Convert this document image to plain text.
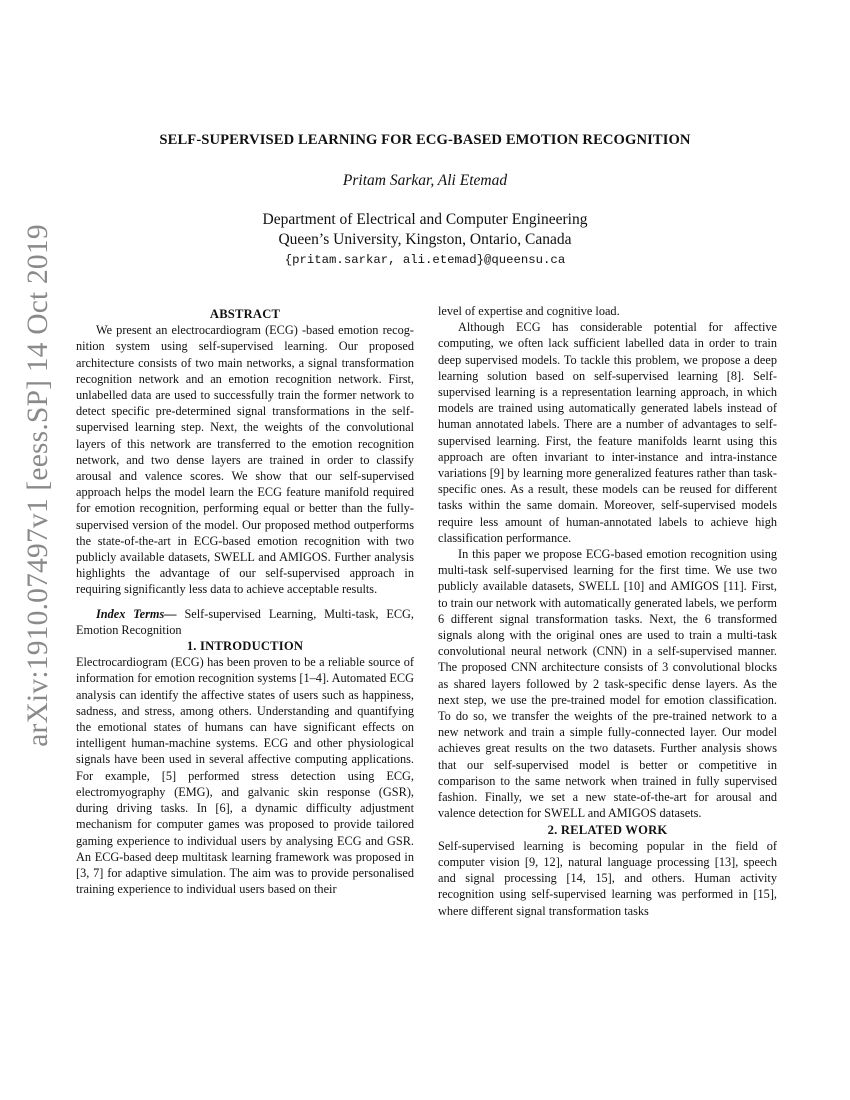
arXiv:1910.07497v1 [eess.SP] 14 Oct 2019
SELF-SUPERVISED LEARNING FOR ECG-BASED EMOTION RECOGNITION
Pritam Sarkar, Ali Etemad
Department of Electrical and Computer Engineering
Queen’s University, Kingston, Ontario, Canada
{pritam.sarkar, ali.etemad}@queensu.ca

ABSTRACT

We present an electrocardiogram (ECG) -based emotion recognition system using self-supervised learning. Our proposed architecture consists of two main networks, a signal transformation recognition network and an emotion recognition network. First, unlabelled data are used to successfully train the former network to detect specific pre-determined signal transformations in the self-supervised learning step. Next, the weights of the convolutional layers of this network are transferred to the emotion recognition network, and two dense layers are trained in order to classify arousal and valence scores. We show that our self-supervised approach helps the model learn the ECG feature manifold required for emotion recognition, performing equal or better than the fully-supervised version of the model. Our proposed method outperforms the state-of-the-art in ECG-based emotion recognition with two publicly available datasets, SWELL and AMIGOS. Further analysis highlights the advantage of our self-supervised approach in requiring significantly less data to achieve acceptable results.

Index Terms— Self-supervised Learning, Multi-task, ECG, Emotion Recognition

1. INTRODUCTION

Electrocardiogram (ECG) has been proven to be a reliable source of information for emotion recognition systems [1–4]. Automated ECG analysis can identify the affective states of users such as happiness, sadness, and stress, among others. Understanding and quantifying the emotional states of humans can have significant effects on intelligent human-machine systems. ECG and other physiological signals have been used in several affective computing applications. For example, [5] performed stress detection using ECG, electromyography (EMG), and galvanic skin response (GSR), during driving tasks. In [6], a dynamic difficulty adjustment mechanism for computer games was proposed to provide tailored gaming experience to individual users by analysing ECG and GSR. An ECG-based deep multitask learning framework was proposed in [3, 7] for adaptive simulation. The aim was to provide personalised training experience to individual users based on their

level of expertise and cognitive load.

Although ECG has considerable potential for affective computing, we often lack sufficient labelled data in order to train deep supervised models. To tackle this problem, we propose a deep learning solution based on self-supervised learning [8]. Self-supervised learning is a representation learning approach, in which models are trained using automatically generated labels instead of human annotated labels. There are a number of advantages to self-supervised learning. First, the feature manifolds learnt using this approach are often invariant to inter-instance and intra-instance variations [9] by learning more generalized features rather than task-specific ones. As a result, these models can be reused for different tasks within the same domain. Moreover, self-supervised models require less amount of human-annotated labels to achieve high classification performance.

In this paper we propose ECG-based emotion recognition using multi-task self-supervised learning for the first time. We use two publicly available datasets, SWELL [10] and AMIGOS [11]. First, to train our network with automatically generated labels, we perform 6 different signal transformation tasks. Next, the 6 transformed signals along with the original ones are used to train a multi-task convolutional neural network (CNN) in a self-supervised manner. The proposed CNN architecture consists of 3 convolutional blocks as shared layers followed by 2 task-specific dense layers. As the next step, we use the pre-trained model for emotion classification. To do so, we transfer the weights of the pre-trained network to a new network and train a simple fully-connected layer. Our model achieves great results on the two datasets. Further analysis shows that our self-supervised model is better or competitive in comparison to the same network when trained in fully supervised fashion. Finally, we set a new state-of-the-art for arousal and valence detection for SWELL and AMIGOS datasets.

2. RELATED WORK

Self-supervised learning is becoming popular in the field of computer vision [9, 12], natural language processing [13], speech and signal processing [14, 15], and others. Human activity recognition using self-supervised learning was performed in [15], where different signal transformation tasks
